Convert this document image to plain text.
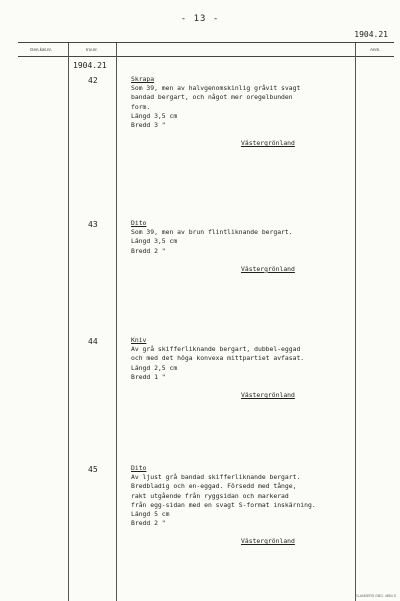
- 13 -
1904.21
Gen.kat.nr.	Inv.nr.	Anm.
1904.21
42	Skrapa
Som 39, men av halvgenomskinlig gråvit svagt
bandad bergart, och något mer oregelbunden
form.
Längd 3,5 cm
Bredd 3 "
Västergrönland
43	Dito
Som 39, men av brun flintliknande bergart.
Längd 3,5 cm
Bredd 2 "
Västergrönland
44	Kniv
Av grå skifferliknande bergart, dubbel-eggad
och med det höga konvexa mittpartiet avfasat.
Längd 2,5 cm
Bredd 1 "
Västergrönland
45	Dito
Av ljust grå bandad skifferliknande bergart.
Bredbladig och en-eggad. Försedd med tånge,
rakt utgående från ryggsidan och markerad
från egg-sidan med en svagt S-format inskärning.
Längd 5 cm
Bredd 2 "
Västergrönland
ELANDERS GBG. 4854 S
